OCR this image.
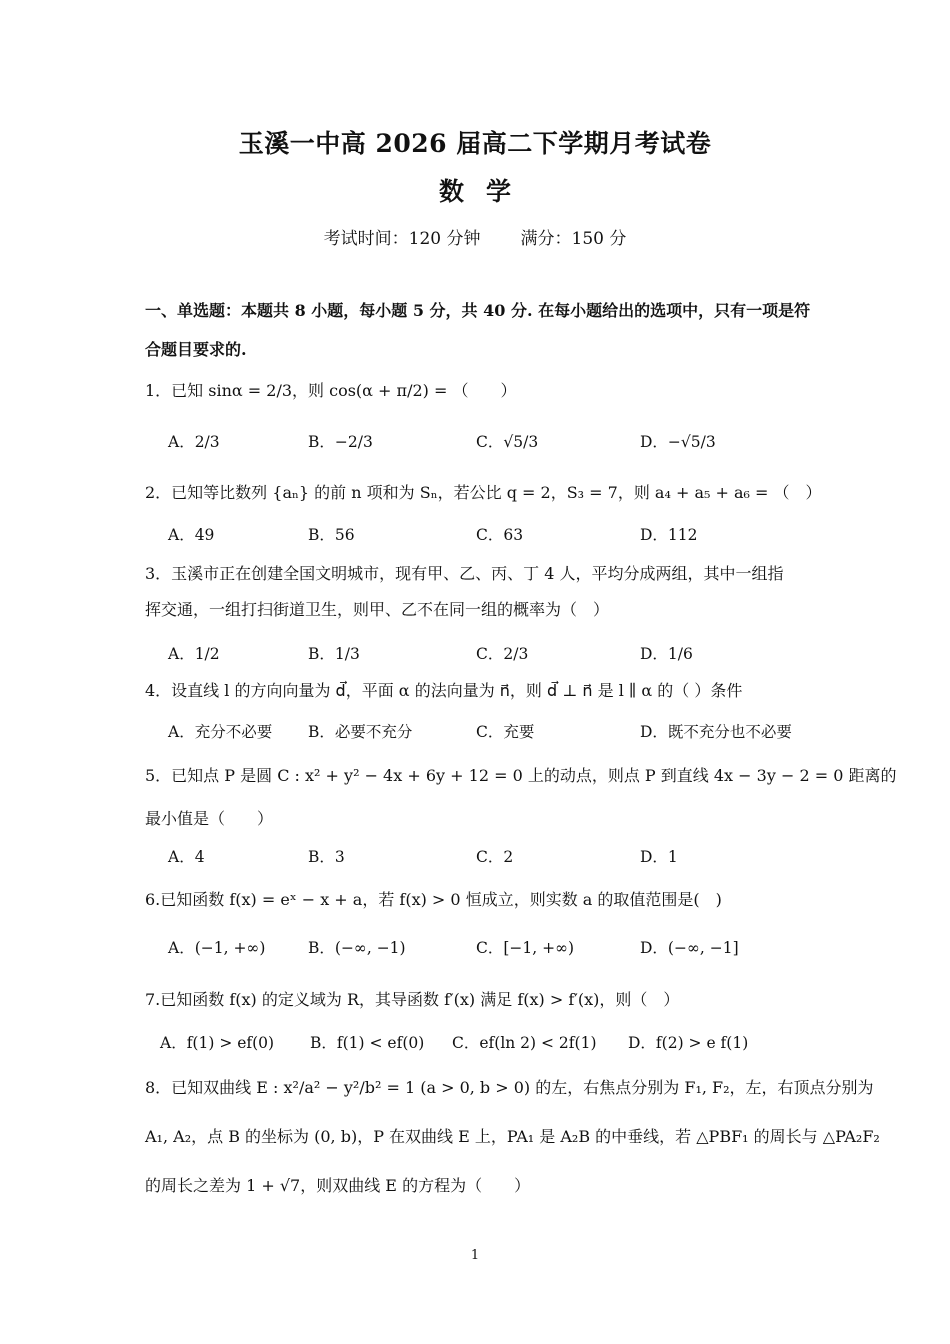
玉溪一中高 2026 届高二下学期月考试卷
数学
考试时间：120 分钟 满分：150 分
一、单选题：本题共 8 小题，每小题 5 分，共 40 分. 在每小题给出的选项中，只有一项是符
合题目要求的.
1．已知 sinα = 2/3，则 cos(α + π/2) = （　　）
A．2/3	B．−2/3	C．√5/3	D．−√5/3
2．已知等比数列 {aₙ} 的前 n 项和为 Sₙ，若公比 q = 2，S₃ = 7，则 a₄ + a₅ + a₆ = （　）
A．49	B．56	C．63	D．112
3．玉溪市正在创建全国文明城市，现有甲、乙、丙、丁 4 人，平均分成两组，其中一组指
挥交通，一组打扫街道卫生，则甲、乙不在同一组的概率为（　）
A．1/2	B．1/3	C．2/3	D．1/6
4．设直线 l 的方向向量为 d⃗，平面 α 的法向量为 n⃗，则 d⃗ ⊥ n⃗ 是 l ∥ α 的（ ）条件
A．充分不必要 B．必要不充分	C．充要	D．既不充分也不必要
5．已知点 P 是圆 C : x² + y² − 4x + 6y + 12 = 0 上的动点，则点 P 到直线 4x − 3y − 2 = 0 距离的
最小值是（　　）
A．4	B．3	C．2	D．1
6.已知函数 f(x) = eˣ − x + a，若 f(x) > 0 恒成立，则实数 a 的取值范围是(　)
A．(−1, +∞)	B．(−∞, −1)	C．[−1, +∞)	D．(−∞, −1]
7.已知函数 f(x) 的定义域为 R，其导函数 f′(x) 满足 f(x) > f′(x)，则（　）
A．f(1) > ef(0) B．f(1) < ef(0) C．ef(ln 2) < 2f(1) D．f(2) > e f(1)
8．已知双曲线 E : x²/a² − y²/b² = 1 (a > 0, b > 0) 的左，右焦点分别为 F₁, F₂，左，右顶点分别为
A₁, A₂，点 B 的坐标为 (0, b)，P 在双曲线 E 上，PA₁ 是 A₂B 的中垂线，若 △PBF₁ 的周长与 △PA₂F₂
的周长之差为 1 + √7，则双曲线 E 的方程为（　　）
1
